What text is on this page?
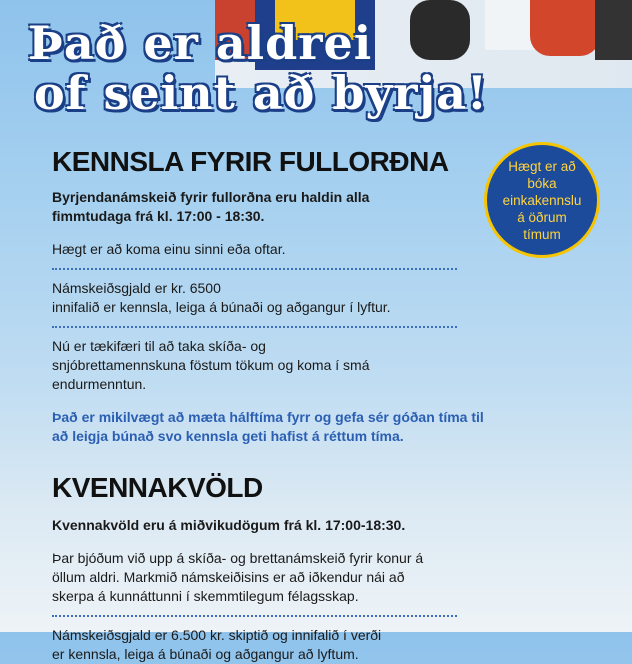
Það er aldrei

of seint að byrja!
Hægt er að bóka einkakennslu á öðrum tímum
KENNSLA FYRIR FULLORÐNA

Byrjendanámskeið fyrir fullorðna eru haldin alla fimmtudaga frá kl. 17:00 - 18:30.

Hægt er að koma einu sinni eða oftar.

Námskeiðsgjald er kr. 6500

innifalið er kennsla, leiga á búnaði og aðgangur í lyftur.

Nú er tækifæri til að taka skíða- og snjóbrettamennskuna föstum tökum og koma í smá endurmenntun.

Það er mikilvægt að mæta hálftíma fyrr og gefa sér góðan tíma til að leigja búnað svo kennsla geti hafist á réttum tíma.

KVENNAKVÖLD

Kvennakvöld eru á miðvikudögum frá kl. 17:00-18:30.

Þar bjóðum við upp á skíða- og brettanámskeið fyrir konur á öllum aldri. Markmið námskeiðisins er að iðkendur nái að skerpa á kunnáttunni í skemmtilegum félagsskap.

Námskeiðsgjald er 6.500 kr. skiptið og innifalið í verði er kennsla, leiga á búnaði og aðgangur að lyftum.
